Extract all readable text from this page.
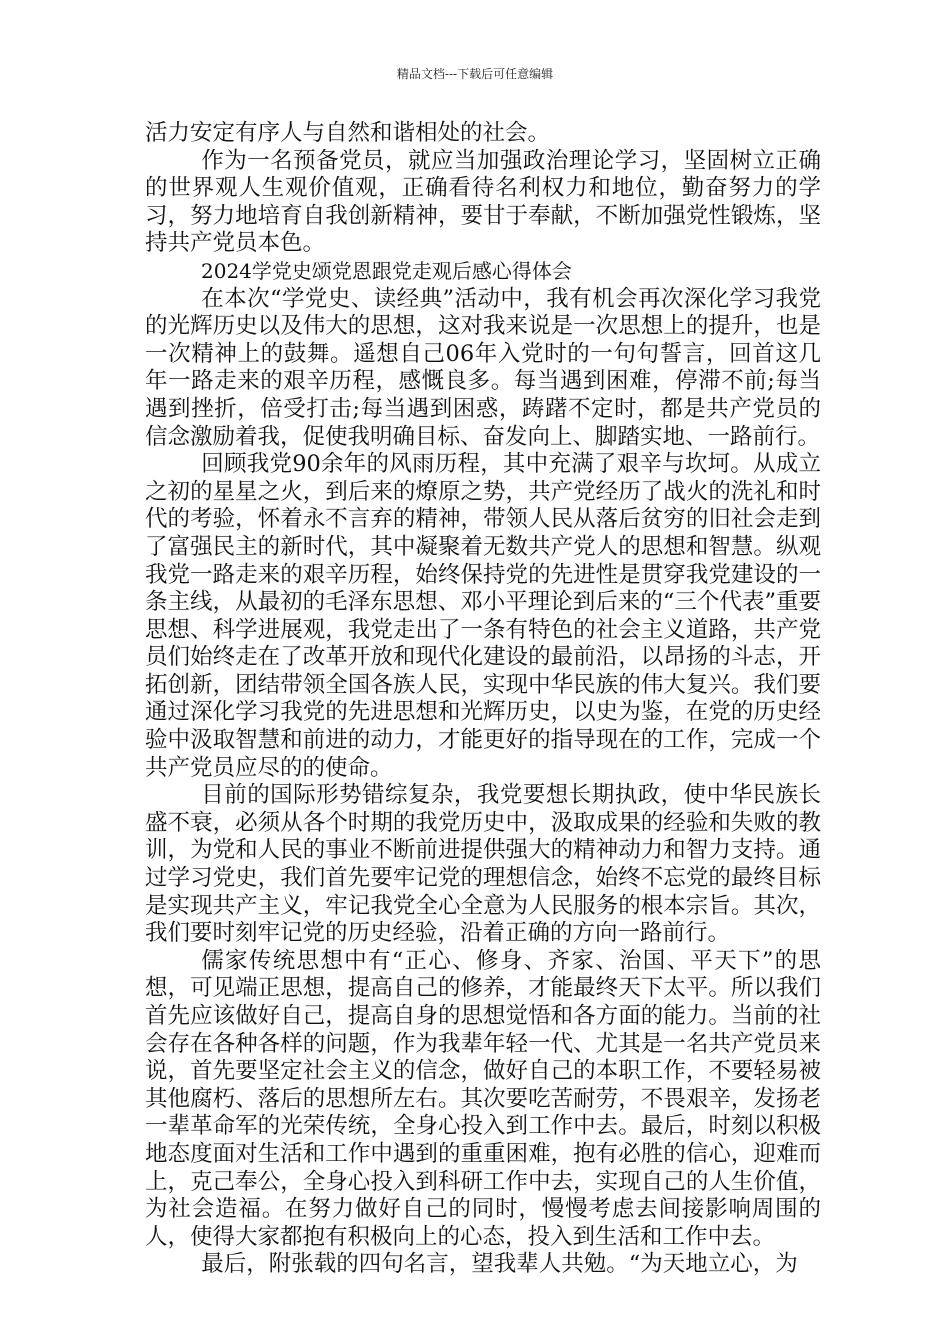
精品文档---下载后可任意编辑

活力安定有序人与自然和谐相处的社会。

作为一名预备党员，就应当加强政治理论学习，坚固树立正确的世界观人生观价值观，正确看待名利权力和地位，勤奋努力的学习，努力地培育自我创新精神，要甘于奉献，不断加强党性锻炼，坚持共产党员本色。

2024学党史颂党恩跟党走观后感心得体会

在本次“学党史、读经典”活动中，我有机会再次深化学习我党的光辉历史以及伟大的思想，这对我来说是一次思想上的提升，也是一次精神上的鼓舞。遥想自己06年入党时的一句句誓言，回首这几年一路走来的艰辛历程，感慨良多。每当遇到困难，停滞不前;每当遇到挫折，倍受打击;每当遇到困惑，踌躇不定时，都是共产党员的信念激励着我，促使我明确目标、奋发向上、脚踏实地、一路前行。

回顾我党90余年的风雨历程，其中充满了艰辛与坎坷。从成立之初的星星之火，到后来的燎原之势，共产党经历了战火的洗礼和时代的考验，怀着永不言弃的精神，带领人民从落后贫穷的旧社会走到了富强民主的新时代，其中凝聚着无数共产党人的思想和智慧。纵观我党一路走来的艰辛历程，始终保持党的先进性是贯穿我党建设的一条主线，从最初的毛泽东思想、邓小平理论到后来的“三个代表”重要思想、科学进展观，我党走出了一条有特色的社会主义道路，共产党员们始终走在了改革开放和现代化建设的最前沿，以昂扬的斗志，开拓创新，团结带领全国各族人民，实现中华民族的伟大复兴。我们要通过深化学习我党的先进思想和光辉历史，以史为鉴，在党的历史经验中汲取智慧和前进的动力，才能更好的指导现在的工作，完成一个共产党员应尽的的使命。

目前的国际形势错综复杂，我党要想长期执政，使中华民族长盛不衰，必须从各个时期的我党历史中，汲取成果的经验和失败的教训，为党和人民的事业不断前进提供强大的精神动力和智力支持。通过学习党史，我们首先要牢记党的理想信念，始终不忘党的最终目标是实现共产主义，牢记我党全心全意为人民服务的根本宗旨。其次，我们要时刻牢记党的历史经验，沿着正确的方向一路前行。

儒家传统思想中有“正心、修身、齐家、治国、平天下”的思想，可见端正思想，提高自己的修养，才能最终天下太平。所以我们首先应该做好自己，提高自身的思想觉悟和各方面的能力。当前的社会存在各种各样的问题，作为我辈年轻一代、尤其是一名共产党员来说，首先要坚定社会主义的信念，做好自己的本职工作，不要轻易被其他腐朽、落后的思想所左右。其次要吃苦耐劳，不畏艰辛，发扬老一辈革命军的光荣传统，全身心投入到工作中去。最后，时刻以积极地态度面对生活和工作中遇到的重重困难，抱有必胜的信心，迎难而上，克己奉公，全身心投入到科研工作中去，实现自己的人生价值，为社会造福。在努力做好自己的同时，慢慢考虑去间接影响周围的人，使得大家都抱有积极向上的心态，投入到生活和工作中去。

最后，附张载的四句名言，望我辈人共勉。“为天地立心，为
